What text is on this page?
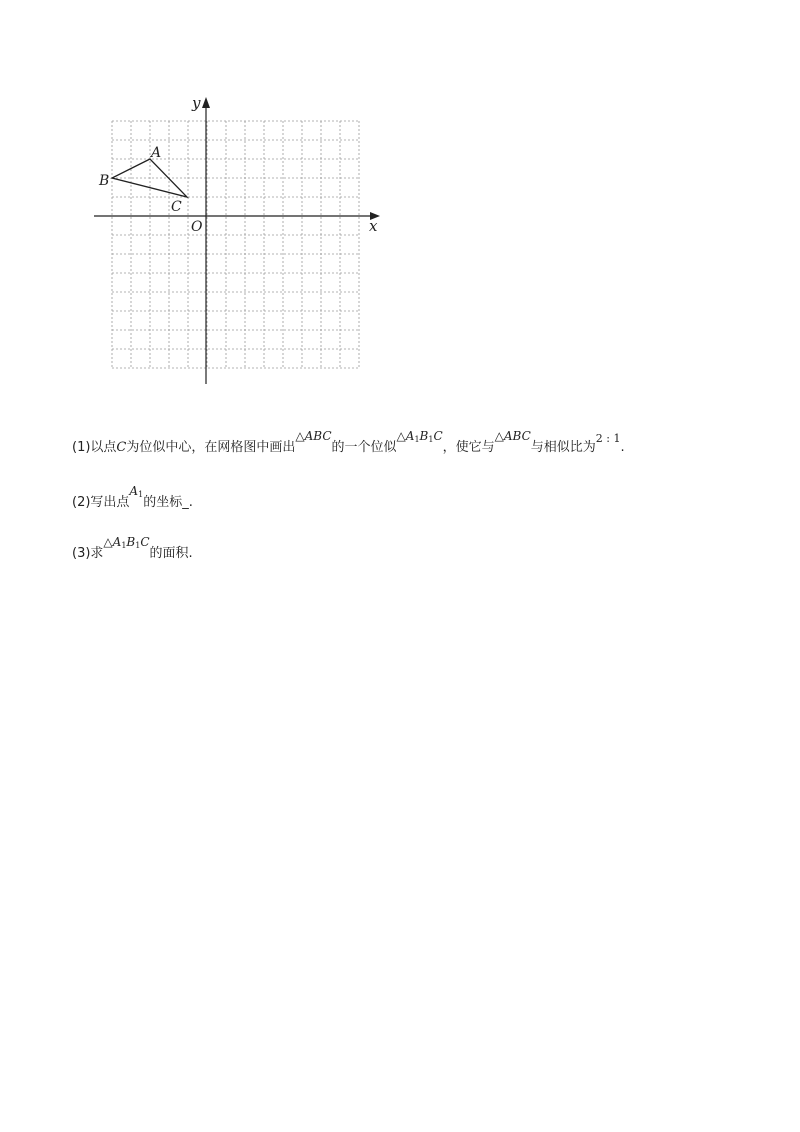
x
y
O
A
B
C
(1)以点C为位似中心，在网格图中画出△ABC的一个位似$\triangle A_1B_1C$，使它与△ABC与相似比为$^{2 : 1}$.
(2)写出点$A_1$的坐标_.
(3)求$\triangle A_1B_1C$的面积.
